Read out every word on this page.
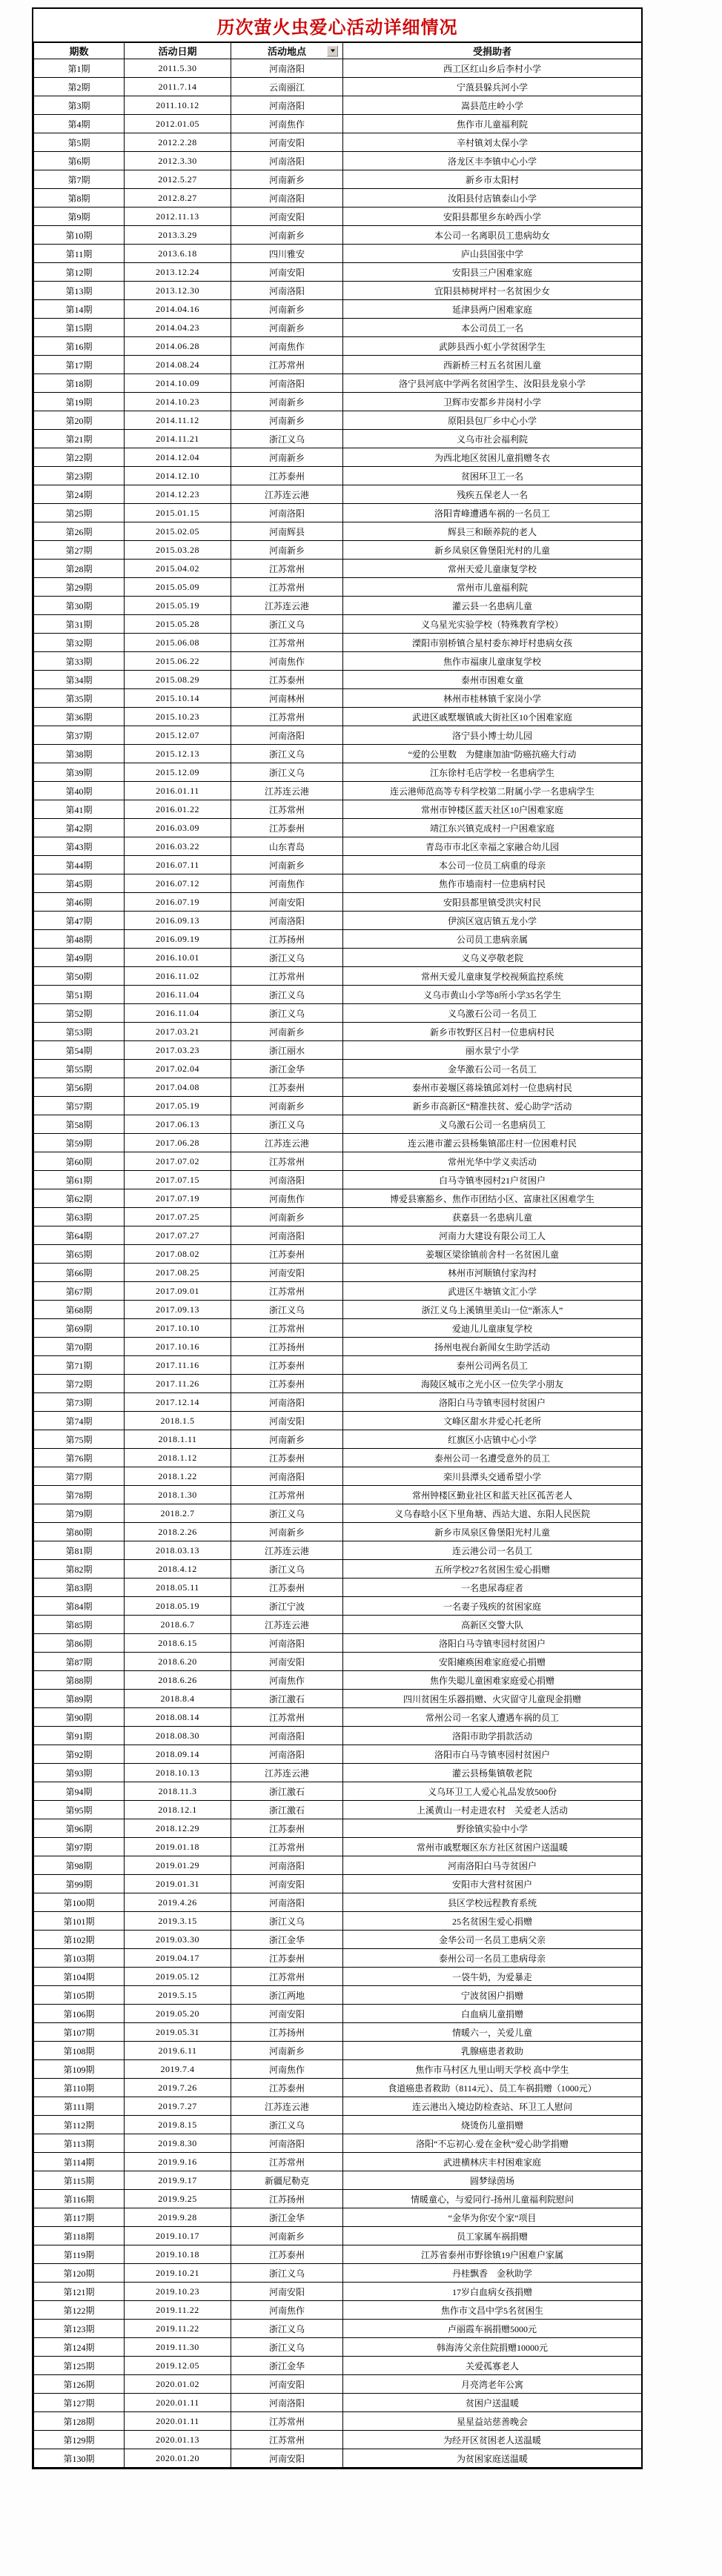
历次萤火虫爱心活动详细情况
期数	活动日期	活动地点	受捐助者
第1期	2011.5.30	河南洛阳	西工区红山乡后李村小学
第2期	2011.7.14	云南丽江	宁蒗县躲兵河小学
第3期	2011.10.12	河南洛阳	嵩县范庄岭小学
第4期	2012.01.05	河南焦作	焦作市儿童福利院
第5期	2012.2.28	河南安阳	辛村镇刘太保小学
第6期	2012.3.30	河南洛阳	洛龙区丰李镇中心小学
第7期	2012.5.27	河南新乡	新乡市太阳村
第8期	2012.8.27	河南洛阳	汝阳县付店镇泰山小学
第9期	2012.11.13	河南安阳	安阳县都里乡东岭西小学
第10期	2013.3.29	河南新乡	本公司一名离职员工患病幼女
第11期	2013.6.18	四川雅安	庐山县国张中学
第12期	2013.12.24	河南安阳	安阳县三户困难家庭
第13期	2013.12.30	河南洛阳	宜阳县柿树坪村一名贫困少女
第14期	2014.04.16	河南新乡	延津县两户困难家庭
第15期	2014.04.23	河南新乡	本公司员工一名
第16期	2014.06.28	河南焦作	武陟县西小虹小学贫困学生
第17期	2014.08.24	江苏常州	西新桥三村五名贫困儿童
第18期	2014.10.09	河南洛阳	洛宁县河底中学两名贫困学生、汝阳县龙泉小学
第19期	2014.10.23	河南新乡	卫辉市安都乡井岗村小学
第20期	2014.11.12	河南新乡	原阳县包厂乡中心小学
第21期	2014.11.21	浙江义乌	义乌市社会福利院
第22期	2014.12.04	河南新乡	为西北地区贫困儿童捐赠冬衣
第23期	2014.12.10	江苏泰州	贫困环卫工一名
第24期	2014.12.23	江苏连云港	残疾五保老人一名
第25期	2015.01.15	河南洛阳	洛阳青峰遭遇车祸的一名员工
第26期	2015.02.05	河南辉县	辉县三和颐养院的老人
第27期	2015.03.28	河南新乡	新乡凤泉区鲁堡阳光村的儿童
第28期	2015.04.02	江苏常州	常州天爱儿童康复学校
第29期	2015.05.09	江苏常州	常州市儿童福利院
第30期	2015.05.19	江苏连云港	灌云县一名患病儿童
第31期	2015.05.28	浙江义乌	义乌星光实验学校（特殊教育学校）
第32期	2015.06.08	江苏常州	溧阳市别桥镇合星村委东神圩村患病女孩
第33期	2015.06.22	河南焦作	焦作市福康儿童康复学校
第34期	2015.08.29	江苏泰州	泰州市困难女童
第35期	2015.10.14	河南林州	林州市桂林镇千家岗小学
第36期	2015.10.23	江苏常州	武进区戚墅堰镇戚大街社区10个困难家庭
第37期	2015.12.07	河南洛阳	洛宁县小博士幼儿园
第38期	2015.12.13	浙江义乌	“爱的公里数　为健康加油”防癌抗癌大行动
第39期	2015.12.09	浙江义乌	江东徐村毛店学校一名患病学生
第40期	2016.01.11	江苏连云港	连云港师范高等专科学校第二附属小学一名患病学生
第41期	2016.01.22	江苏常州	常州市钟楼区蓝天社区10户困难家庭
第42期	2016.03.09	江苏泰州	靖江东兴镇克成村一户困难家庭
第43期	2016.03.22	山东青岛	青岛市市北区幸福之家融合幼儿园
第44期	2016.07.11	河南新乡	本公司一位员工病重的母亲
第45期	2016.07.12	河南焦作	焦作市墙南村一位患病村民
第46期	2016.07.19	河南安阳	安阳县都里镇受洪灾村民
第47期	2016.09.13	河南洛阳	伊滨区寇店镇五龙小学
第48期	2016.09.19	江苏扬州	公司员工患病亲属
第49期	2016.10.01	浙江义乌	义乌义亭敬老院
第50期	2016.11.02	江苏常州	常州天爱儿童康复学校视频监控系统
第51期	2016.11.04	浙江义乌	义乌市黄山小学等8所小学35名学生
第52期	2016.11.04	浙江义乌	义乌激石公司一名员工
第53期	2017.03.21	河南新乡	新乡市牧野区吕村一位患病村民
第54期	2017.03.23	浙江丽水	丽水景宁小学
第55期	2017.02.04	浙江金华	金华激石公司一名员工
第56期	2017.04.08	江苏泰州	泰州市姜堰区蒋垛镇邱刘村一位患病村民
第57期	2017.05.19	河南新乡	新乡市高新区“精准扶贫、爱心助学”活动
第58期	2017.06.13	浙江义乌	义乌激石公司一名患病员工
第59期	2017.06.28	江苏连云港	连云港市灌云县杨集镇邵庄村一位困难村民
第60期	2017.07.02	江苏常州	常州光华中学义卖活动
第61期	2017.07.15	河南洛阳	白马寺镇枣园村21户贫困户
第62期	2017.07.19	河南焦作	博爱县寨豁乡、焦作市团结小区、富康社区困难学生
第63期	2017.07.25	河南新乡	获嘉县一名患病儿童
第64期	2017.07.27	河南洛阳	河南力大建设有限公司工人
第65期	2017.08.02	江苏泰州	姜堰区梁徐镇前舍村一名贫困儿童
第66期	2017.08.25	河南安阳	林州市河顺镇付家沟村
第67期	2017.09.01	江苏常州	武进区牛塘镇文汇小学
第68期	2017.09.13	浙江义乌	浙江义乌上溪镇里美山一位“渐冻人”
第69期	2017.10.10	江苏常州	爱迪儿儿童康复学校
第70期	2017.10.16	江苏扬州	扬州电视台新闻女生助学活动
第71期	2017.11.16	江苏泰州	泰州公司两名员工
第72期	2017.11.26	江苏泰州	海陵区城市之光小区一位失学小朋友
第73期	2017.12.14	河南洛阳	洛阳白马寺镇枣园村贫困户
第74期	2018.1.5	河南安阳	文峰区甜水井爱心托老所
第75期	2018.1.11	河南新乡	红旗区小店镇中心小学
第76期	2018.1.12	江苏泰州	泰州公司一名遭受意外的员工
第77期	2018.1.22	河南洛阳	栾川县潭头交通希望小学
第78期	2018.1.30	江苏常州	常州钟楼区勤业社区和蓝天社区孤苦老人
第79期	2018.2.7	浙江义乌	义乌春晗小区下里角塘、西站大道、东阳人民医院
第80期	2018.2.26	河南新乡	新乡市凤泉区鲁堡阳光村儿童
第81期	2018.03.13	江苏连云港	连云港公司一名员工
第82期	2018.4.12	浙江义乌	五所学校27名贫困生爱心捐赠
第83期	2018.05.11	江苏泰州	一名患尿毒症者
第84期	2018.05.19	浙江宁波	一名妻子残疾的贫困家庭
第85期	2018.6.7	江苏连云港	高新区交警大队
第86期	2018.6.15	河南洛阳	洛阳白马寺镇枣园村贫困户
第87期	2018.6.20	河南安阳	安阳瘫痪困难家庭爱心捐赠
第88期	2018.6.26	河南焦作	焦作失聪儿童困难家庭爱心捐赠
第89期	2018.8.4	浙江激石	四川贫困生乐器捐赠、火灾留守儿童现金捐赠
第90期	2018.08.14	江苏常州	常州公司一名家人遭遇车祸的员工
第91期	2018.08.30	河南洛阳	洛阳市助学捐款活动
第92期	2018.09.14	河南洛阳	洛阳市白马寺镇枣园村贫困户
第93期	2018.10.13	江苏连云港	灌云县杨集镇敬老院
第94期	2018.11.3	浙江激石	义乌环卫工人爱心礼品发放500份
第95期	2018.12.1	浙江激石	上溪黄山一村走进农村　关爱老人活动
第96期	2018.12.29	江苏泰州	野徐镇实验中小学
第97期	2019.01.18	江苏常州	常州市戚墅堰区东方社区贫困户送温暖
第98期	2019.01.29	河南洛阳	河南洛阳白马寺贫困户
第99期	2019.01.31	河南安阳	安阳市大营村贫困户
第100期	2019.4.26	河南洛阳	县区学校远程教育系统
第101期	2019.3.15	浙江义乌	25名贫困生爱心捐赠
第102期	2019.03.30	浙江金华	金华公司一名员工患病父亲
第103期	2019.04.17	江苏泰州	泰州公司一名员工患病母亲
第104期	2019.05.12	江苏常州	一袋牛奶，为爱暴走
第105期	2019.5.15	浙江两地	宁波贫困户捐赠
第106期	2019.05.20	河南安阳	白血病儿童捐赠
第107期	2019.05.31	江苏扬州	情暖六一，关爱儿童
第108期	2019.6.11	河南新乡	乳腺癌患者救助
第109期	2019.7.4	河南焦作	焦作市马村区九里山明天学校 高中学生
第110期	2019.7.26	江苏泰州	食道癌患者救助（8114元）、员工车祸捐赠（1000元）
第111期	2019.7.27	江苏连云港	连云港出入境边防检查站、环卫工人慰问
第112期	2019.8.15	浙江义乌	烧烫伤儿童捐赠
第113期	2019.8.30	河南洛阳	洛阳“不忘初心.爱在金秋”爱心助学捐赠
第114期	2019.9.16	江苏常州	武进横林庆丰村困难家庭
第115期	2019.9.17	新疆尼勒克	圆梦绿茵场
第116期	2019.9.25	江苏扬州	情暖童心，与爱同行-扬州儿童福利院慰问
第117期	2019.9.28	浙江金华	“金华为你安个家”项目
第118期	2019.10.17	河南新乡	员工家属车祸捐赠
第119期	2019.10.18	江苏泰州	江苏省泰州市野徐镇19户困难户家属
第120期	2019.10.21	浙江义乌	丹桂飘香　金秋助学
第121期	2019.10.23	河南安阳	17岁白血病女孩捐赠
第122期	2019.11.22	河南焦作	焦作市文昌中学5名贫困生
第123期	2019.11.22	浙江义乌	卢丽霞车祸捐赠5000元
第124期	2019.11.30	浙江义乌	韩海涛父亲住院捐赠10000元
第125期	2019.12.05	浙江金华	关爱孤寡老人
第126期	2020.01.02	河南安阳	月亮湾老年公寓
第127期	2020.01.11	河南洛阳	贫困户送温暖
第128期	2020.01.11	江苏常州	星星益站慈善晚会
第129期	2020.01.13	江苏常州	为经开区贫困老人送温暖
第130期	2020.01.20	河南安阳	为贫困家庭送温暖
